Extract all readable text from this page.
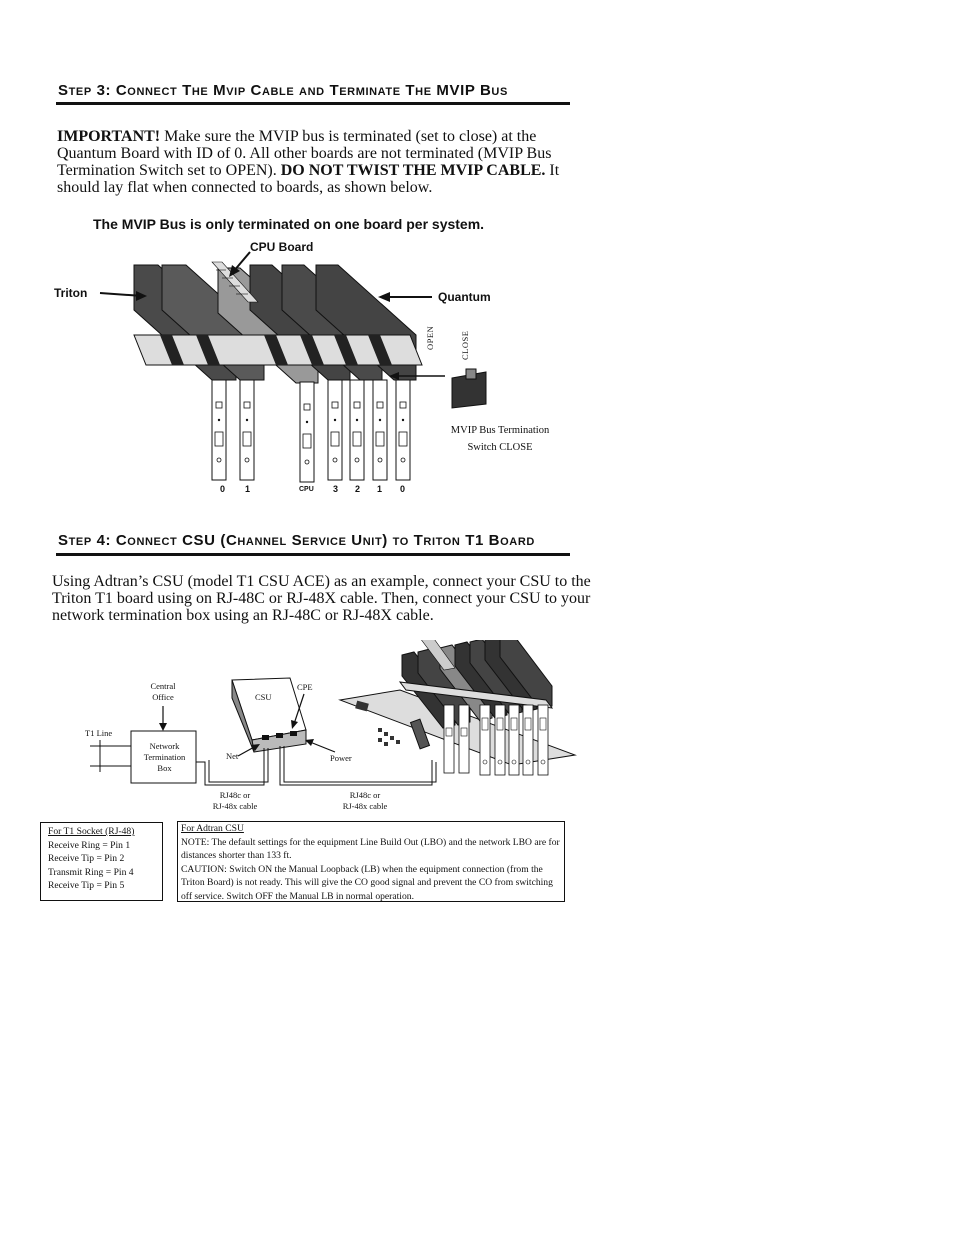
Step 3: Connect The Mvip Cable and Terminate The MVIP Bus
IMPORTANT! Make sure the MVIP bus is terminated (set to close) at the Quantum Board with ID of 0. All other boards are not terminated (MVIP Bus Termination Switch set to OPEN). DO NOT TWIST THE MVIP CABLE. It should lay flat when connected to boards, as shown below.
The MVIP Bus is only terminated on one board per system.
CPU Board
Triton	Quantum
OPEN	CLOSE
MVIP Bus Termination
Switch CLOSE
0 1	CPU 3 2 1 0
Step 4: Connect CSU (Channel Service Unit) to Triton T1 Board
Using Adtran’s CSU (model T1 CSU ACE) as an example, connect your CSU to the Triton T1 board using on RJ-48C or RJ-48X cable. Then, connect your CSU to your network termination box using an RJ-48C or RJ-48X cable.
Central
Office
T1 Line
Network
Termination
Box
CSU
CPE
Net	Power
RJ48c or
RJ-48x cable
RJ48c or
RJ-48x cable
For T1 Socket (RJ-48)
Receive Ring = Pin 1
Receive Tip = Pin 2
Transmit Ring = Pin 4
Receive Tip = Pin 5
For Adtran CSU
NOTE: The default settings for the equipment Line Build Out (LBO) and the network LBO are for distances shorter than 133 ft.
CAUTION: Switch ON the Manual Loopback (LB) when the equipment connection (from the Triton Board) is not ready. This will give the CO good signal and prevent the CO from switching off service. Switch OFF the Manual LB in normal operation.
